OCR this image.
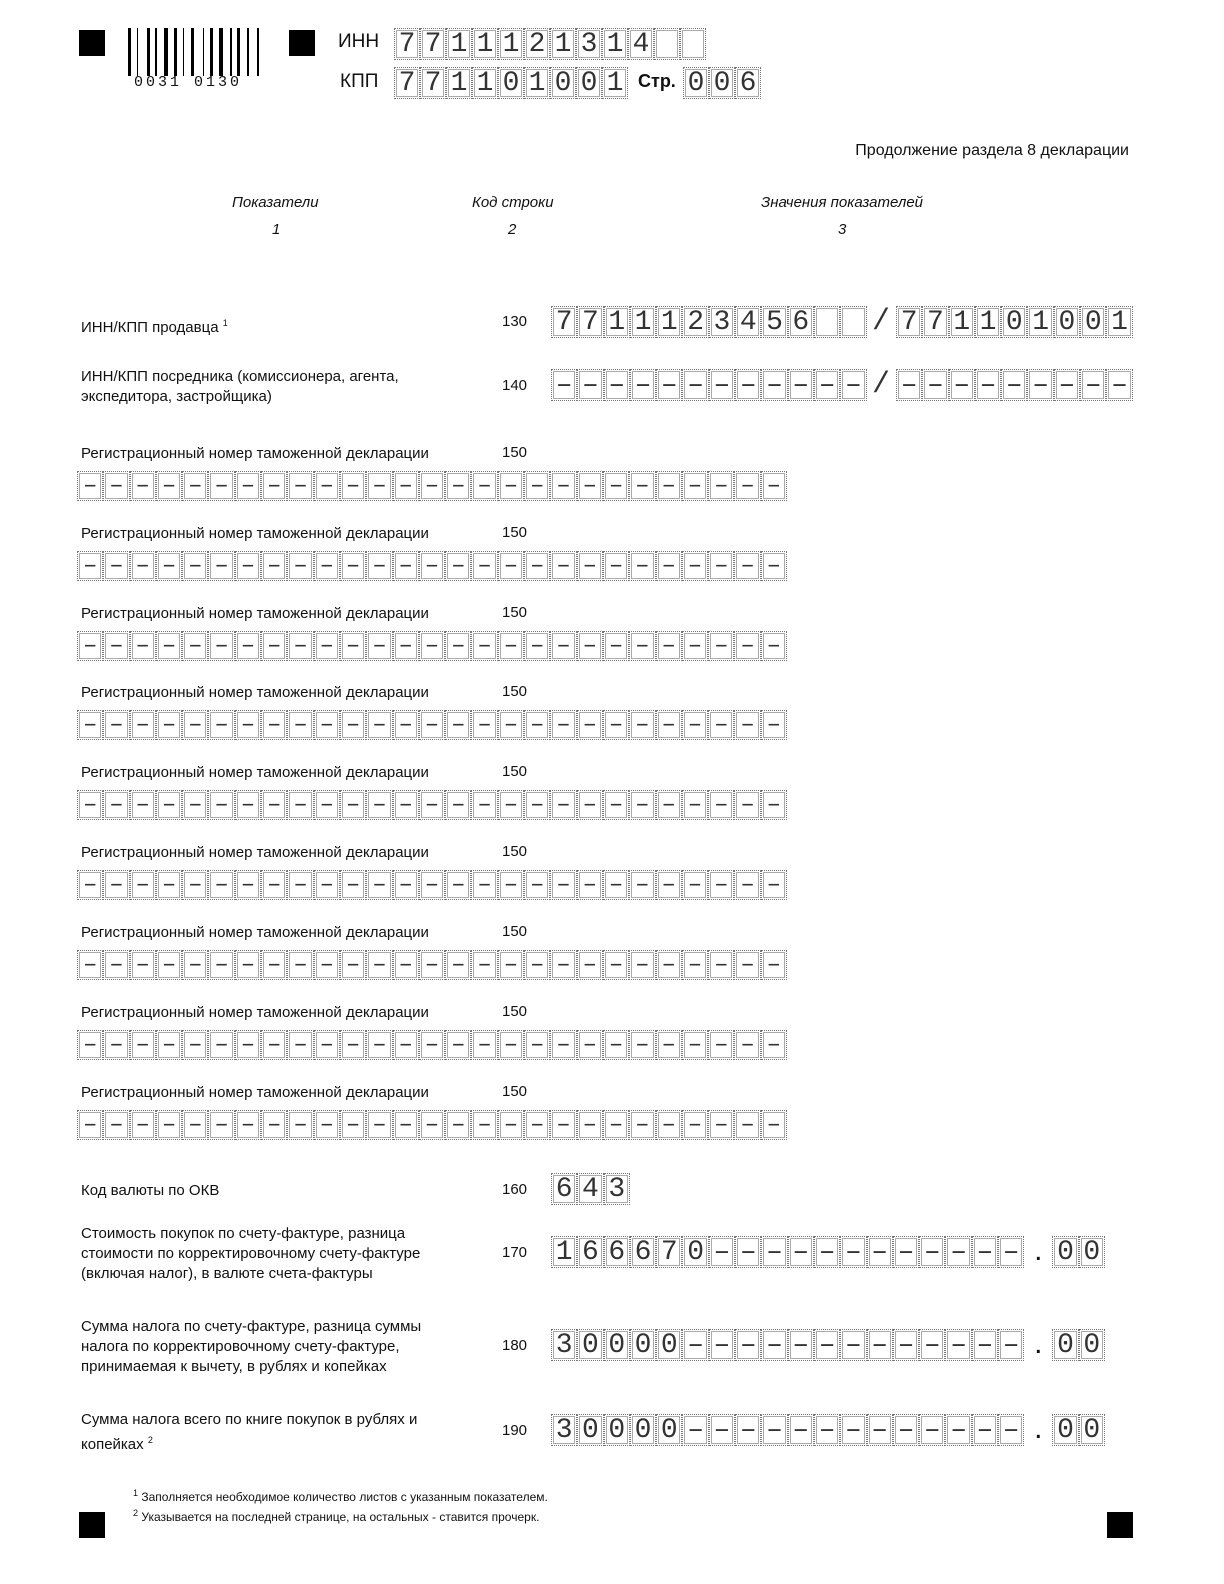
0031 0130
ИНН 7 7 1 1 1 2 1 3 1 4
КПП 7 7 1 1 0 1 0 0 1 Стр. 0 0 6
Продолжение раздела 8 декларации
Показатели
1
Код строки
2
Значения показателей
3
ИНН/КПП продавца $^1$	130 7 7 1 1 1 2 3 4 5 6 / 7 7 1 1 0 1 0 0 1
ИНН/КПП посредника (комиссионера, агента,
экспедитора, застройщика)
140 – – – – – – – – – – – – / – – – – – – – – –
Регистрационный номер таможенной декларации	150
– – – – – – – – – – – – – – – – – – – – – – – – – – –
Регистрационный номер таможенной декларации	150
– – – – – – – – – – – – – – – – – – – – – – – – – – –
Регистрационный номер таможенной декларации	150
– – – – – – – – – – – – – – – – – – – – – – – – – – –
Регистрационный номер таможенной декларации	150
– – – – – – – – – – – – – – – – – – – – – – – – – – –
Регистрационный номер таможенной декларации	150
– – – – – – – – – – – – – – – – – – – – – – – – – – –
Регистрационный номер таможенной декларации	150
– – – – – – – – – – – – – – – – – – – – – – – – – – –
Регистрационный номер таможенной декларации	150
– – – – – – – – – – – – – – – – – – – – – – – – – – –
Регистрационный номер таможенной декларации	150
– – – – – – – – – – – – – – – – – – – – – – – – – – –
Регистрационный номер таможенной декларации	150
– – – – – – – – – – – – – – – – – – – – – – – – – – –
Код валюты по ОКВ	160 6 4 3
Стоимость покупок по счету-фактуре, разница
стоимости по корректировочному счету-фактуре
(включая налог), в валюте счета-фактуры
170 1 6 6 6 7 0 – – – – – – – – – – – – . 0 0
Сумма налога по счету-фактуре, разница суммы
налога по корректировочному счету-фактуре,
принимаемая к вычету, в рублях и копейках
180 3 0 0 0 0 – – – – – – – – – – – – – . 0 0
Сумма налога всего по книге покупок в рублях и
копейках $^2$
190 3 0 0 0 0 – – – – – – – – – – – – – . 0 0
$^1$ Заполняется необходимое количество листов с указанным показателем.
$^2$ Указывается на последней странице, на остальных - ставится прочерк.
